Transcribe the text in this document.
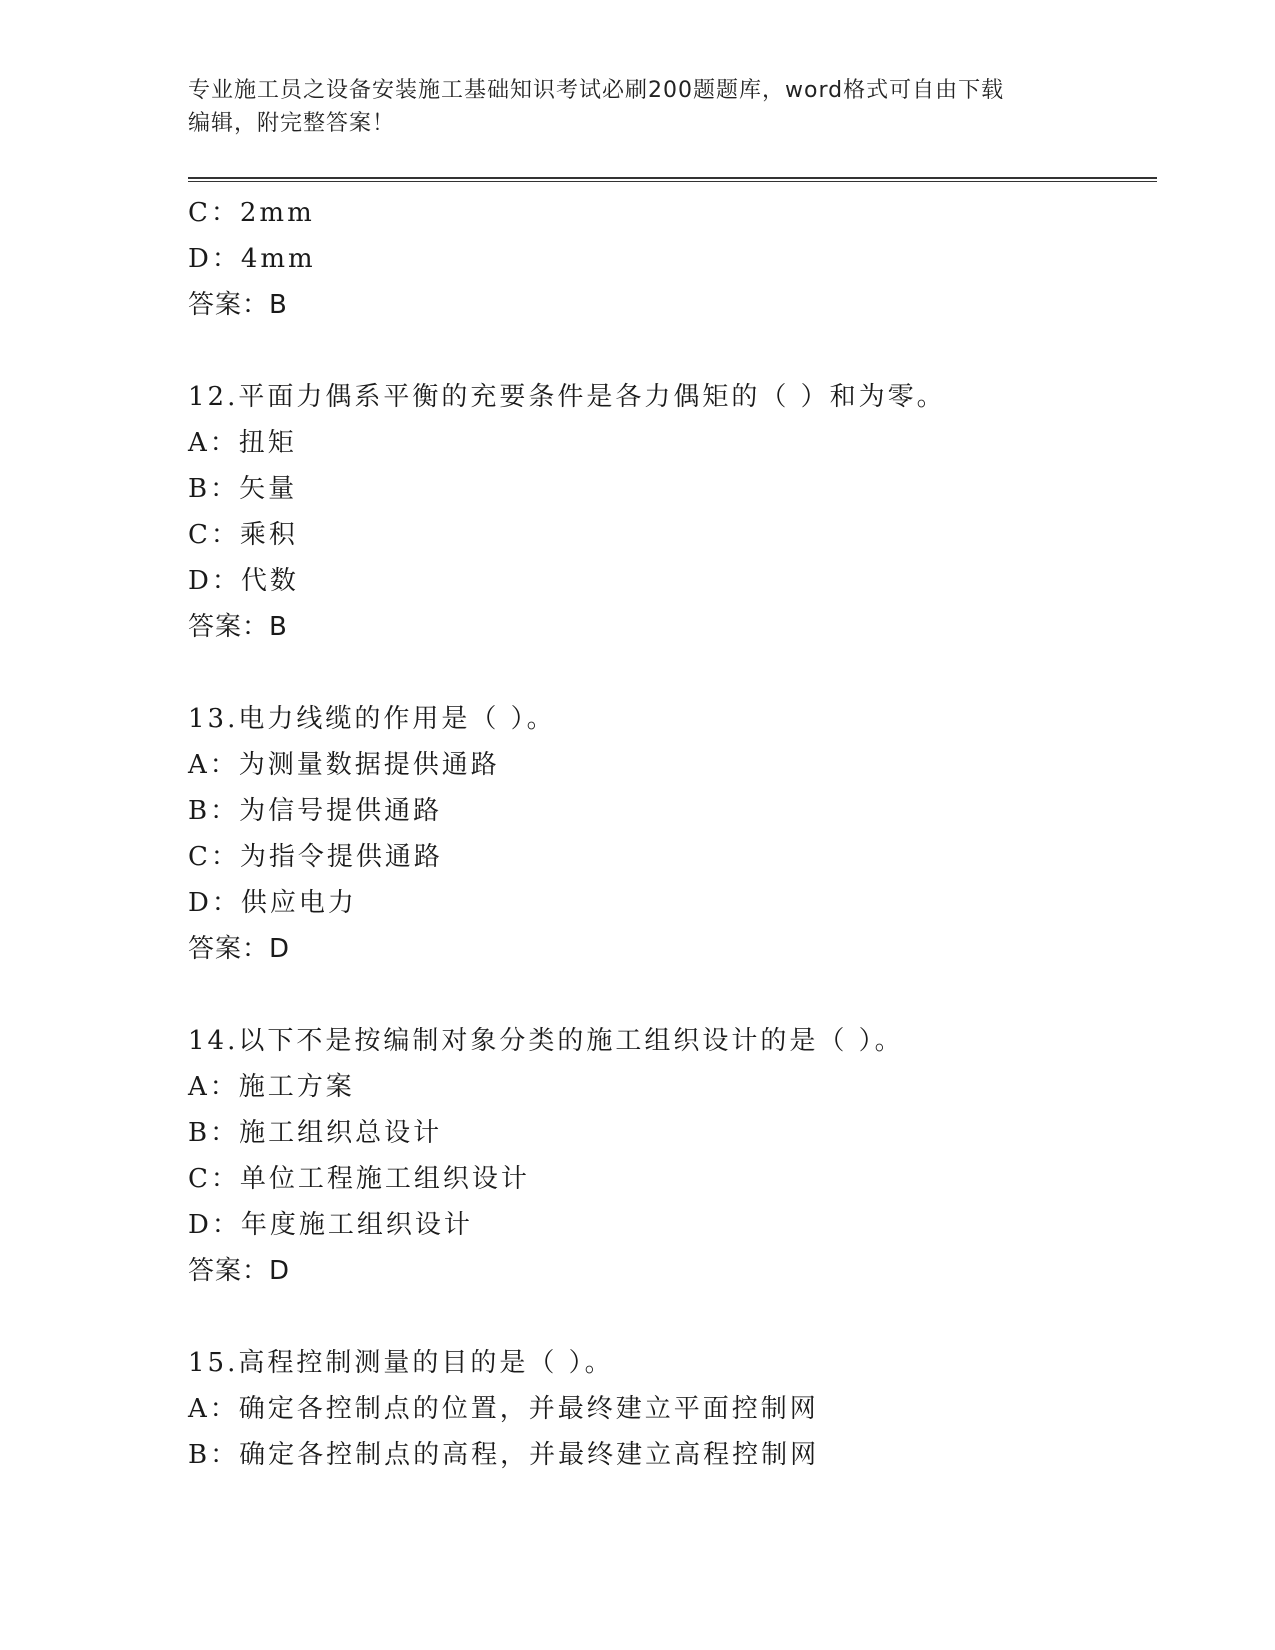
专业施工员之设备安装施工基础知识考试必刷200题题库，word格式可自由下载
编辑，附完整答案！
C：2mm
D：4mm
答案：B
12.平面力偶系平衡的充要条件是各力偶矩的（ ）和为零。
A：扭矩
B：矢量
C：乘积
D：代数
答案：B
13.电力线缆的作用是（ ）。
A：为测量数据提供通路
B：为信号提供通路
C：为指令提供通路
D：供应电力
答案：D
14.以下不是按编制对象分类的施工组织设计的是（ ）。
A：施工方案
B：施工组织总设计
C：单位工程施工组织设计
D：年度施工组织设计
答案：D
15.高程控制测量的目的是（ ）。
A：确定各控制点的位置，并最终建立平面控制网
B：确定各控制点的高程，并最终建立高程控制网
